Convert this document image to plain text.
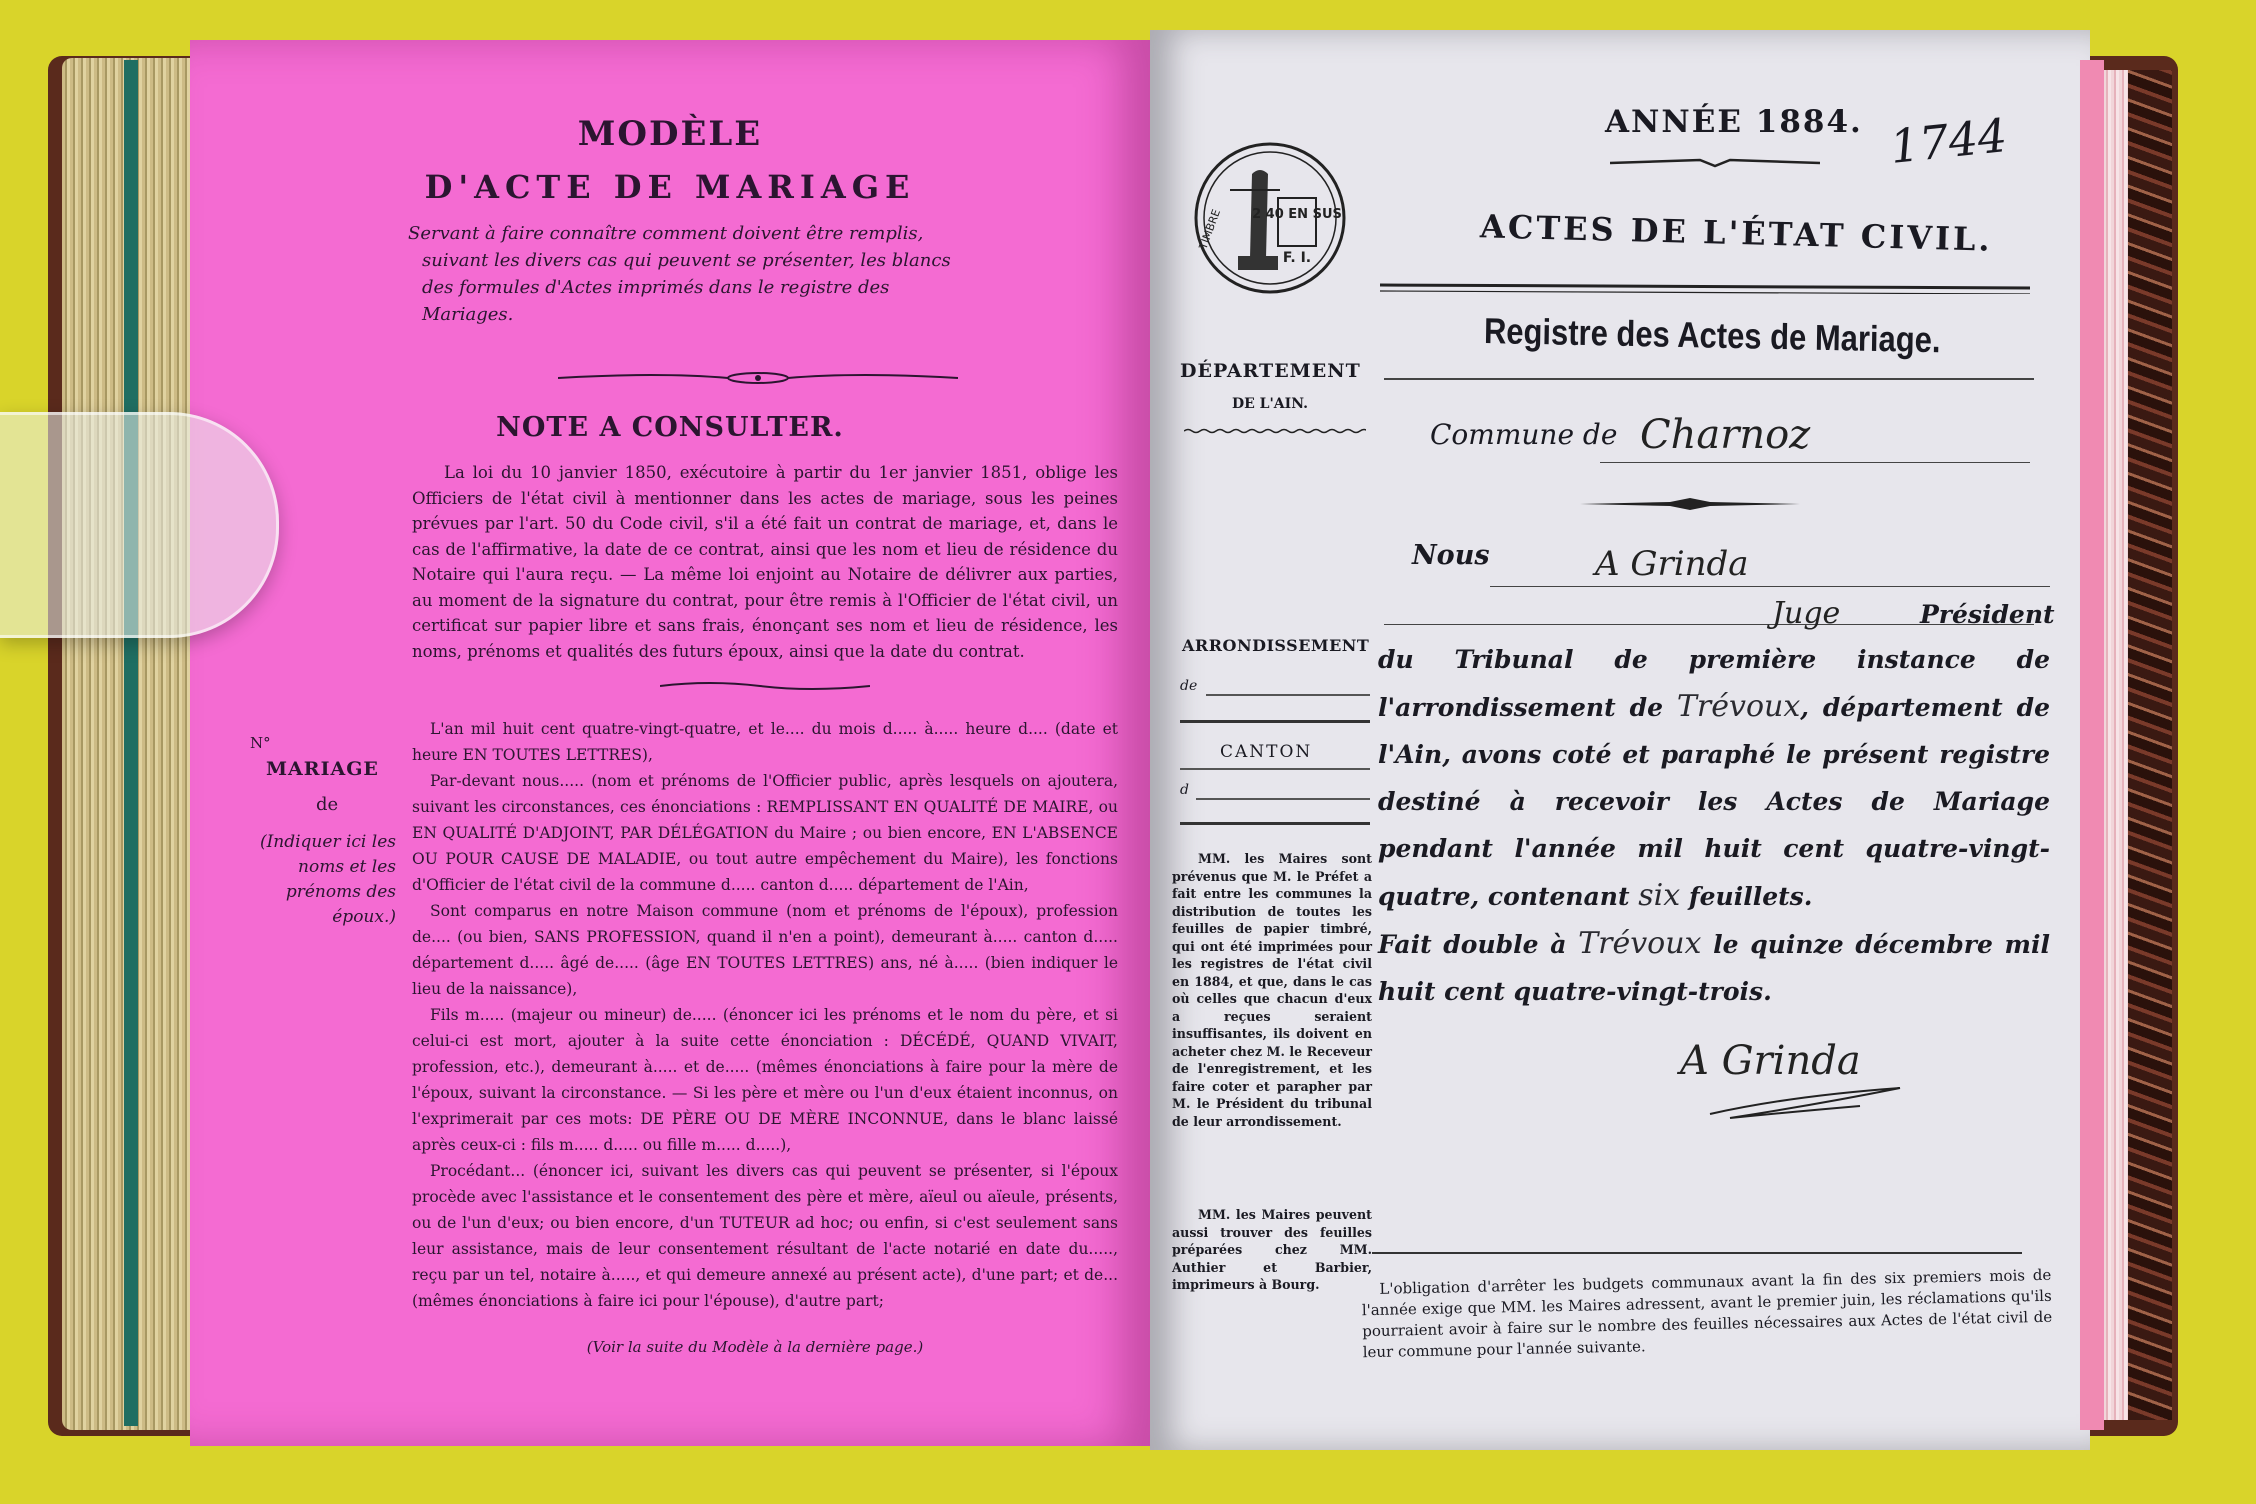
MODÈLE
D'ACTE DE MARIAGE
Servant à faire connaître comment doivent être remplis, suivant les divers cas qui peuvent se présenter, les blancs des formules d'Actes imprimés dans le registre des Mariages.
NOTE A CONSULTER.
La loi du 10 janvier 1850, exécutoire à partir du 1er janvier 1851, oblige les Officiers de l'état civil à mentionner dans les actes de mariage, sous les peines prévues par l'art. 50 du Code civil, s'il a été fait un contrat de mariage, et, dans le cas de l'affirmative, la date de ce contrat, ainsi que les nom et lieu de résidence du Notaire qui l'aura reçu. — La même loi enjoint au Notaire de délivrer aux parties, au moment de la signature du contrat, pour être remis à l'Officier de l'état civil, un certificat sur papier libre et sans frais, énonçant ses nom et lieu de résidence, les noms, prénoms et qualités des futurs époux, ainsi que la date du contrat.
N°
MARIAGE
de
(Indiquer ici les noms et les prénoms des époux.)

L'an mil huit cent quatre-vingt-quatre, et le.... du mois d..... à..... heure d.... (date et heure EN TOUTES LETTRES),

Par-devant nous..... (nom et prénoms de l'Officier public, après lesquels on ajoutera, suivant les circonstances, ces énonciations : REMPLISSANT EN QUALITÉ DE MAIRE, ou EN QUALITÉ D'ADJOINT, PAR DÉLÉGATION du Maire ; ou bien encore, EN L'ABSENCE OU POUR CAUSE DE MALADIE, ou tout autre empêchement du Maire), les fonctions d'Officier de l'état civil de la commune d..... canton d..... département de l'Ain,

Sont comparus en notre Maison commune (nom et prénoms de l'époux), profession de.... (ou bien, SANS PROFESSION, quand il n'en a point), demeurant à..... canton d..... département d..... âgé de..... (âge EN TOUTES LETTRES) ans, né à..... (bien indiquer le lieu de la naissance),

Fils m..... (majeur ou mineur) de..... (énoncer ici les prénoms et le nom du père, et si celui-ci est mort, ajouter à la suite cette énonciation : DÉCÉDÉ, QUAND VIVAIT, profession, etc.), demeurant à..... et de..... (mêmes énonciations à faire pour la mère de l'époux, suivant la circonstance. — Si les père et mère ou l'un d'eux étaient inconnus, on l'exprimerait par ces mots: DE PÈRE OU DE MÈRE INCONNUE, dans le blanc laissé après ceux-ci : fils m..... d..... ou fille m..... d.....),

Procédant... (énoncer ici, suivant les divers cas qui peuvent se présenter, si l'époux procède avec l'assistance et le consentement des père et mère, aïeul ou aïeule, présents, ou de l'un d'eux; ou bien encore, d'un TUTEUR ad hoc; ou enfin, si c'est seulement sans leur assistance, mais de leur consentement résultant de l'acte notarié en date du....., reçu par un tel, notaire à....., et qui demeure annexé au présent acte), d'une part; et de... (mêmes énonciations à faire ici pour l'épouse), d'autre part;

(Voir la suite du Modèle à la dernière page.)
2 40 EN SUS
F. I.
TIMBRE
ANNÉE 1884. 1744
ACTES DE L'ÉTAT CIVIL.
Registre des Actes de Mariage.
DÉPARTEMENT
DE L'AIN.
Commune de Charnoz
Nous	A Grinda
Juge	Président
du Tribunal de première instance de l'arrondissement de Trévoux, département de l'Ain, avons coté et paraphé le présent registre destiné à recevoir les Actes de Mariage pendant l'année mil huit cent quatre-vingt-quatre, contenant six feuillets.
Fait double à Trévoux le quinze décembre mil huit cent quatre-vingt-trois.
ARRONDISSEMENT
de
CANTON
d
MM. les Maires sont prévenus que M. le Préfet a fait entre les communes la distribution de toutes les feuilles de papier timbré, qui ont été imprimées pour les registres de l'état civil en 1884, et que, dans le cas où celles que chacun d'eux a reçues seraient insuffisantes, ils doivent en acheter chez M. le Receveur de l'enregistrement, et les faire coter et parapher par M. le Président du tribunal de leur arrondissement.
MM. les Maires peuvent aussi trouver des feuilles préparées chez MM. Authier et Barbier, imprimeurs à Bourg.
A Grinda
L'obligation d'arrêter les budgets communaux avant la fin des six premiers mois de l'année exige que MM. les Maires adressent, avant le premier juin, les réclamations qu'ils pourraient avoir à faire sur le nombre des feuilles nécessaires aux Actes de l'état civil de leur commune pour l'année suivante.
